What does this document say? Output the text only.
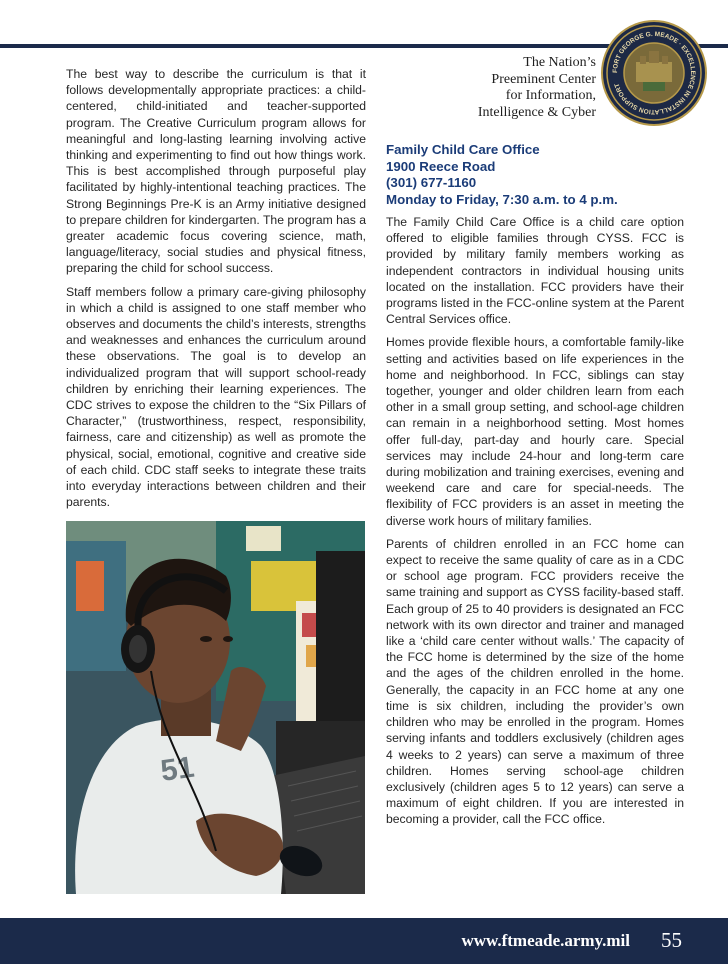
The Nation’s
Preeminent Center
for Information,
Intelligence & Cyber
FORT GEORGE G. MEADE · EXCELLENCE IN INSTALLATION SUPPORT

The best way to describe the curriculum is that it follows developmentally appropriate practices: a child-centered, child-initiated and teacher-supported program. The Creative Curriculum program allows for meaningful and long-lasting learning involving active thinking and experimenting to find out how things work. This is best accomplished through purposeful play facilitated by highly-intentional teaching practices. The Strong Beginnings Pre-K is an Army initiative designed to prepare children for kindergarten. The program has a greater academic focus covering science, math, language/literacy, social studies and physical fitness, preparing the child for school success.

Staff members follow a primary care-giving philosophy in which a child is assigned to one staff member who observes and documents the child’s interests, strengths and weaknesses and enhances the curriculum around these observations. The goal is to develop an individualized program that will support school-ready children by enriching their learning experiences. The CDC strives to expose the children to the “Six Pillars of Character,” (trustworthiness, respect, responsibility, fairness, care and citizenship) as well as promote the physical, social, emotional, cognitive and creative side of each child. CDC staff seeks to integrate these traits into everyday interactions between children and their parents.

51
Family Child Care Office
1900 Reece Road
(301) 677-1160
Monday to Friday, 7:30 a.m. to 4 p.m.

The Family Child Care Office is a child care option offered to eligible families through CYSS. FCC is provided by military family members working as independent contractors in individual housing units located on the installation. FCC providers have their programs listed in the FCC-online system at the Parent Central Services office.

Homes provide flexible hours, a comfortable family-like setting and activities based on life experiences in the home and neighborhood. In FCC, siblings can stay together, younger and older children learn from each other in a small group setting, and school-age children can remain in a neighborhood setting. Most homes offer full-day, part-day and hourly care. Special services may include 24-hour and long-term care during mobilization and training exercises, evening and weekend care and care for special-needs. The flexibility of FCC providers is an asset in meeting the diverse work hours of military families.

Parents of children enrolled in an FCC home can expect to receive the same quality of care as in a CDC or school age program. FCC providers receive the same training and support as CYSS facility-based staff. Each group of 25 to 40 providers is designated an FCC network with its own director and trainer and managed like a ‘child care center without walls.’ The capacity of the FCC home is determined by the size of the home and the ages of the children enrolled in the home. Generally, the capacity in an FCC home at any one time is six children, including the provider’s own children who may be enrolled in the program. Homes serving infants and toddlers exclusively (children ages 4 weeks to 2 years) can serve a maximum of three children. Homes serving school-age children exclusively (children ages 5 to 12 years) can serve a maximum of eight children. If you are interested in becoming a provider, call the FCC office.

www.ftmeade.army.mil 55
